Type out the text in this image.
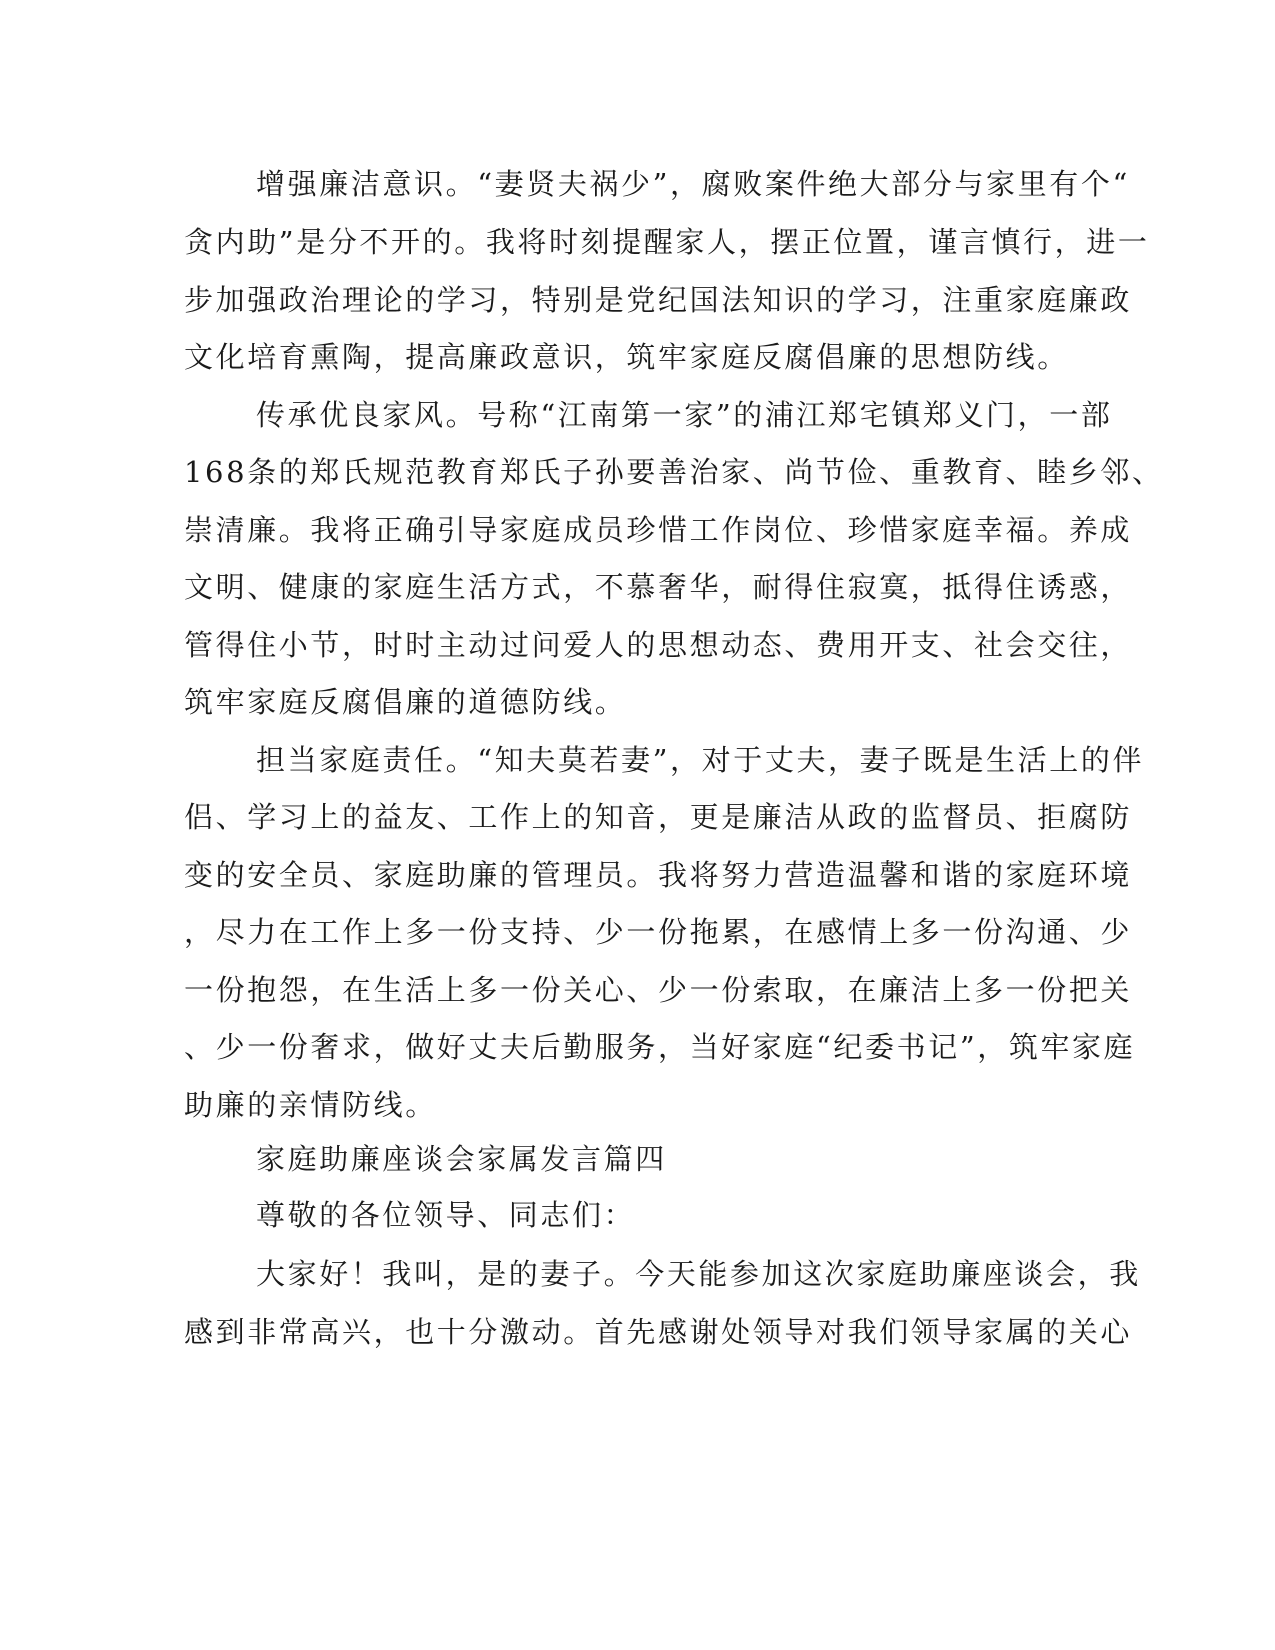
增强廉洁意识。“妻贤夫祸少”，腐败案件绝大部分与家里有个“
贪内助”是分不开的。我将时刻提醒家人，摆正位置，谨言慎行，进一
步加强政治理论的学习，特别是党纪国法知识的学习，注重家庭廉政
文化培育熏陶，提高廉政意识，筑牢家庭反腐倡廉的思想防线。
传承优良家风。号称“江南第一家”的浦江郑宅镇郑义门，一部
168条的郑氏规范教育郑氏子孙要善治家、尚节俭、重教育、睦乡邻、
崇清廉。我将正确引导家庭成员珍惜工作岗位、珍惜家庭幸福。养成
文明、健康的家庭生活方式，不慕奢华，耐得住寂寞，抵得住诱惑，
管得住小节，时时主动过问爱人的思想动态、费用开支、社会交往，
筑牢家庭反腐倡廉的道德防线。
担当家庭责任。“知夫莫若妻”，对于丈夫，妻子既是生活上的伴
侣、学习上的益友、工作上的知音，更是廉洁从政的监督员、拒腐防
变的安全员、家庭助廉的管理员。我将努力营造温馨和谐的家庭环境
，尽力在工作上多一份支持、少一份拖累，在感情上多一份沟通、少
一份抱怨，在生活上多一份关心、少一份索取，在廉洁上多一份把关
、少一份奢求，做好丈夫后勤服务，当好家庭“纪委书记”，筑牢家庭
助廉的亲情防线。
家庭助廉座谈会家属发言篇四
尊敬的各位领导、同志们：
大家好！我叫，是的妻子。今天能参加这次家庭助廉座谈会，我
感到非常高兴，也十分激动。首先感谢处领导对我们领导家属的关心
